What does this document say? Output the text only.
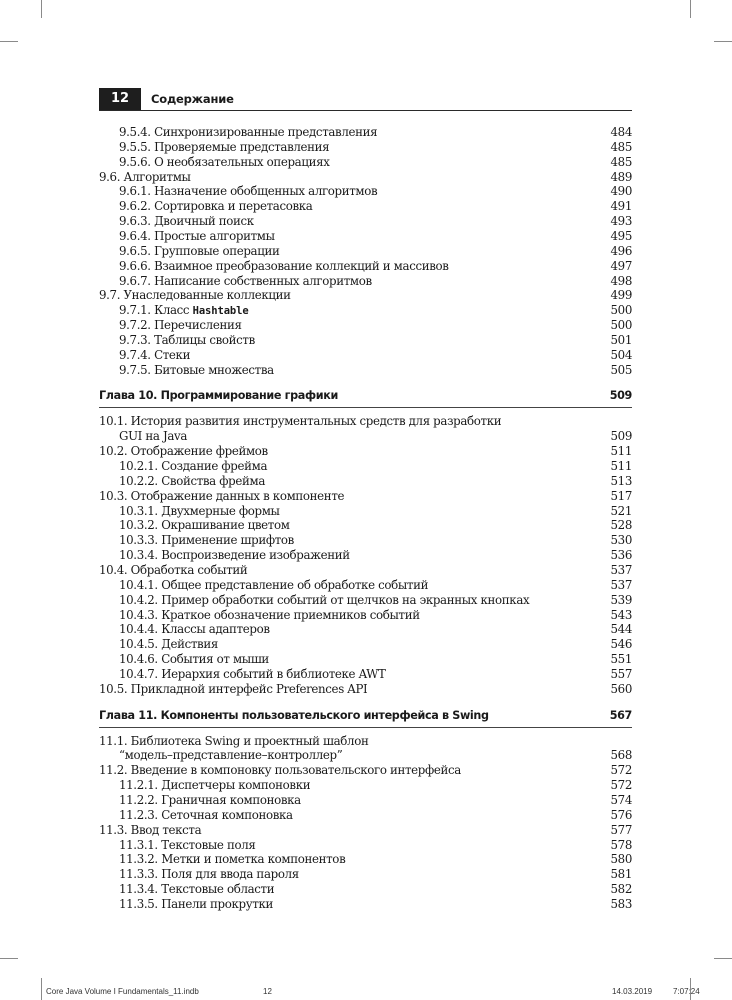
12	Содержание
9.5.4. Синхронизированные представления	484
9.5.5. Проверяемые представления	485
9.5.6. О необязательных операциях	485
9.6. Алгоритмы	489
9.6.1. Назначение обобщенных алгоритмов	490
9.6.2. Сортировка и перетасовка	491
9.6.3. Двоичный поиск	493
9.6.4. Простые алгоритмы	495
9.6.5. Групповые операции	496
9.6.6. Взаимное преобразование коллекций и массивов	497
9.6.7. Написание собственных алгоритмов	498
9.7. Унаследованные коллекции	499
9.7.1. Класс Hashtable	500
9.7.2. Перечисления	500
9.7.3. Таблицы свойств	501
9.7.4. Стеки	504
9.7.5. Битовые множества	505
Глава 10. Программирование графики	509
10.1. История развития инструментальных средств для разработки
GUI на Java	509
10.2. Отображение фреймов	511
10.2.1. Создание фрейма	511
10.2.2. Свойства фрейма	513
10.3. Отображение данных в компоненте	517
10.3.1. Двухмерные формы	521
10.3.2. Окрашивание цветом	528
10.3.3. Применение шрифтов	530
10.3.4. Воспроизведение изображений	536
10.4. Обработка событий	537
10.4.1. Общее представление об обработке событий	537
10.4.2. Пример обработки событий от щелчков на экранных кнопках	539
10.4.3. Краткое обозначение приемников событий	543
10.4.4. Классы адаптеров	544
10.4.5. Действия	546
10.4.6. События от мыши	551
10.4.7. Иерархия событий в библиотеке AWT	557
10.5. Прикладной интерфейс Preferences API	560
Глава 11. Компоненты пользовательского интерфейса в Swing	567
11.1. Библиотека Swing и проектный шаблон
“модель–представление–контроллер”	568
11.2. Введение в компоновку пользовательского интерфейса	572
11.2.1. Диспетчеры компоновки	572
11.2.2. Граничная компоновка	574
11.2.3. Сеточная компоновка	576
11.3. Ввод текста	577
11.3.1. Текстовые поля	578
11.3.2. Метки и пометка компонентов	580
11.3.3. Поля для ввода пароля	581
11.3.4. Текстовые области	582
11.3.5. Панели прокрутки	583
Core Java Volume I Fundamentals_11.indb	12	14.03.2019	7:07:24
